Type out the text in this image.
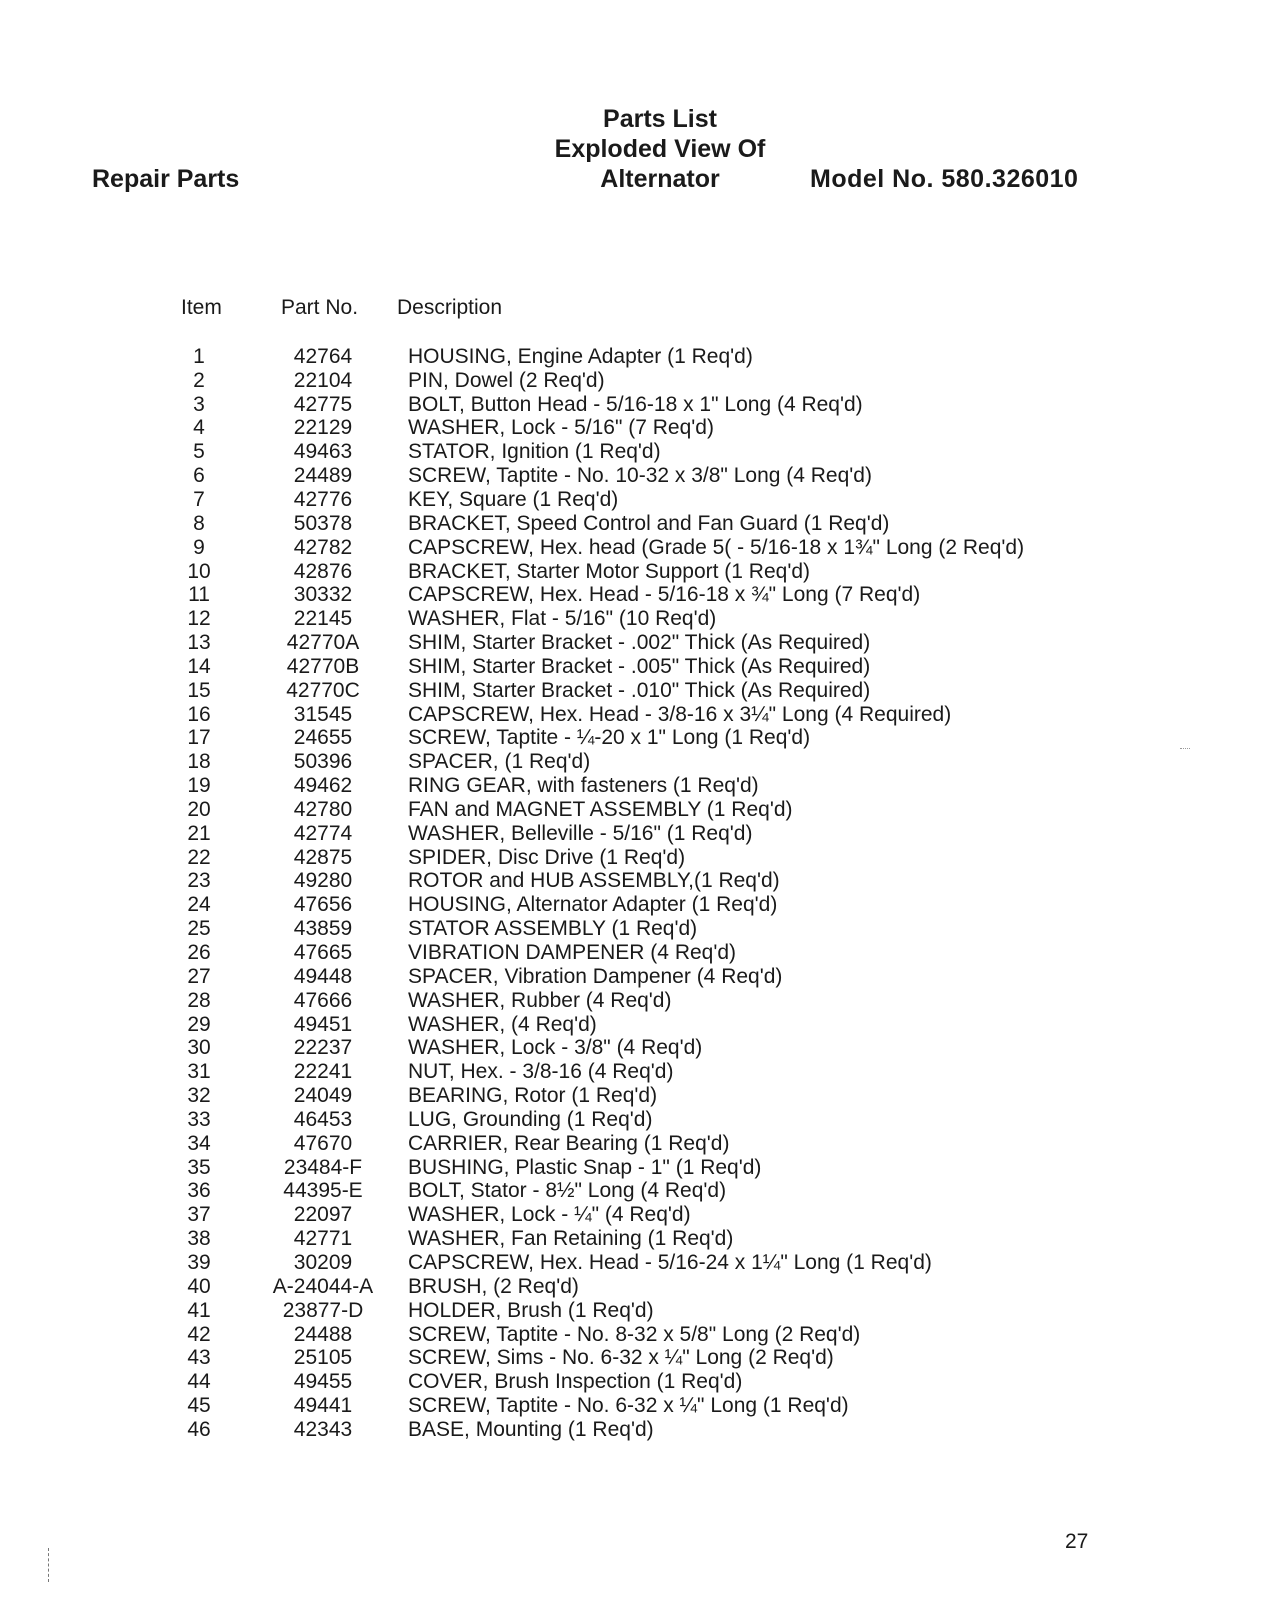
Parts List
Exploded View Of
Alternator
Repair Parts	Model No. 580.326010
Item	Part No. Description
1	42764	HOUSING, Engine Adapter (1 Req'd)
2	22104	PIN, Dowel (2 Req'd)
3	42775	BOLT, Button Head - 5/16-18 x 1" Long (4 Req'd)
4	22129	WASHER, Lock - 5/16" (7 Req'd)
5	49463	STATOR, Ignition (1 Req'd)
6	24489	SCREW, Taptite - No. 10-32 x 3/8" Long (4 Req'd)
7	42776	KEY, Square (1 Req'd)
8	50378	BRACKET, Speed Control and Fan Guard (1 Req'd)
9	42782	CAPSCREW, Hex. head (Grade 5( - 5/16-18 x 1¾" Long (2 Req'd)
10	42876	BRACKET, Starter Motor Support (1 Req'd)
11	30332	CAPSCREW, Hex. Head - 5/16-18 x ¾" Long (7 Req'd)
12	22145	WASHER, Flat - 5/16" (10 Req'd)
13	42770A	SHIM, Starter Bracket - .002" Thick (As Required)
14	42770B	SHIM, Starter Bracket - .005" Thick (As Required)
15	42770C	SHIM, Starter Bracket - .010" Thick (As Required)
16	31545	CAPSCREW, Hex. Head - 3/8-16 x 3¼" Long (4 Required)
17	24655	SCREW, Taptite - ¼-20 x 1" Long (1 Req'd)
18	50396	SPACER, (1 Req'd)
19	49462	RING GEAR, with fasteners (1 Req'd)
20	42780	FAN and MAGNET ASSEMBLY (1 Req'd)
21	42774	WASHER, Belleville - 5/16" (1 Req'd)
22	42875	SPIDER, Disc Drive (1 Req'd)
23	49280	ROTOR and HUB ASSEMBLY,(1 Req'd)
24	47656	HOUSING, Alternator Adapter (1 Req'd)
25	43859	STATOR ASSEMBLY (1 Req'd)
26	47665	VIBRATION DAMPENER (4 Req'd)
27	49448	SPACER, Vibration Dampener (4 Req'd)
28	47666	WASHER, Rubber (4 Req'd)
29	49451	WASHER, (4 Req'd)
30	22237	WASHER, Lock - 3/8" (4 Req'd)
31	22241	NUT, Hex. - 3/8-16 (4 Req'd)
32	24049	BEARING, Rotor (1 Req'd)
33	46453	LUG, Grounding (1 Req'd)
34	47670	CARRIER, Rear Bearing (1 Req'd)
35	23484-F	BUSHING, Plastic Snap - 1" (1 Req'd)
36	44395-E	BOLT, Stator - 8½" Long (4 Req'd)
37	22097	WASHER, Lock - ¼" (4 Req'd)
38	42771	WASHER, Fan Retaining (1 Req'd)
39	30209	CAPSCREW, Hex. Head - 5/16-24 x 1¼" Long (1 Req'd)
40	A-24044-A	BRUSH, (2 Req'd)
41	23877-D	HOLDER, Brush (1 Req'd)
42	24488	SCREW, Taptite - No. 8-32 x 5/8" Long (2 Req'd)
43	25105	SCREW, Sims - No. 6-32 x ¼" Long (2 Req'd)
44	49455	COVER, Brush Inspection (1 Req'd)
45	49441	SCREW, Taptite - No. 6-32 x ¼" Long (1 Req'd)
46	42343	BASE, Mounting (1 Req'd)
27
